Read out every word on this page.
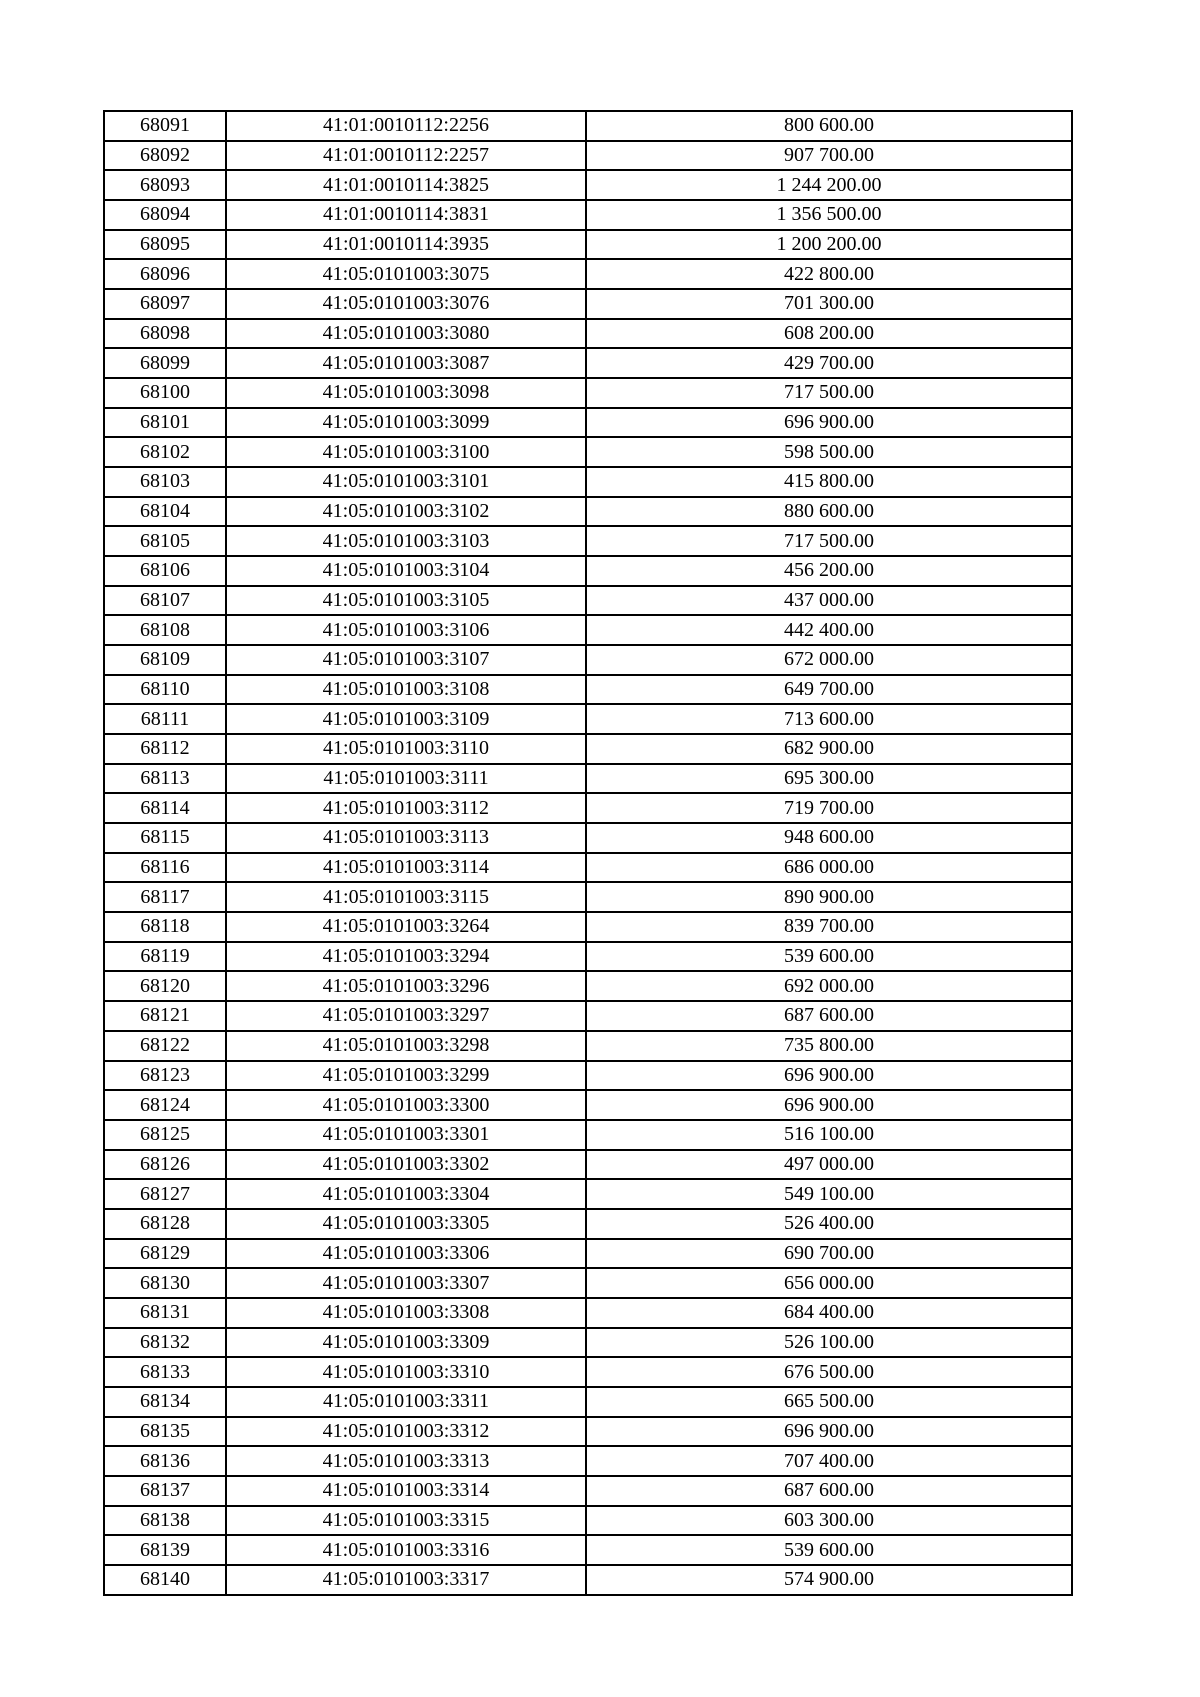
68091	41:01:0010112:2256	800 600.00
68092	41:01:0010112:2257	907 700.00
68093	41:01:0010114:3825	1 244 200.00
68094	41:01:0010114:3831	1 356 500.00
68095	41:01:0010114:3935	1 200 200.00
68096	41:05:0101003:3075	422 800.00
68097	41:05:0101003:3076	701 300.00
68098	41:05:0101003:3080	608 200.00
68099	41:05:0101003:3087	429 700.00
68100	41:05:0101003:3098	717 500.00
68101	41:05:0101003:3099	696 900.00
68102	41:05:0101003:3100	598 500.00
68103	41:05:0101003:3101	415 800.00
68104	41:05:0101003:3102	880 600.00
68105	41:05:0101003:3103	717 500.00
68106	41:05:0101003:3104	456 200.00
68107	41:05:0101003:3105	437 000.00
68108	41:05:0101003:3106	442 400.00
68109	41:05:0101003:3107	672 000.00
68110	41:05:0101003:3108	649 700.00
68111	41:05:0101003:3109	713 600.00
68112	41:05:0101003:3110	682 900.00
68113	41:05:0101003:3111	695 300.00
68114	41:05:0101003:3112	719 700.00
68115	41:05:0101003:3113	948 600.00
68116	41:05:0101003:3114	686 000.00
68117	41:05:0101003:3115	890 900.00
68118	41:05:0101003:3264	839 700.00
68119	41:05:0101003:3294	539 600.00
68120	41:05:0101003:3296	692 000.00
68121	41:05:0101003:3297	687 600.00
68122	41:05:0101003:3298	735 800.00
68123	41:05:0101003:3299	696 900.00
68124	41:05:0101003:3300	696 900.00
68125	41:05:0101003:3301	516 100.00
68126	41:05:0101003:3302	497 000.00
68127	41:05:0101003:3304	549 100.00
68128	41:05:0101003:3305	526 400.00
68129	41:05:0101003:3306	690 700.00
68130	41:05:0101003:3307	656 000.00
68131	41:05:0101003:3308	684 400.00
68132	41:05:0101003:3309	526 100.00
68133	41:05:0101003:3310	676 500.00
68134	41:05:0101003:3311	665 500.00
68135	41:05:0101003:3312	696 900.00
68136	41:05:0101003:3313	707 400.00
68137	41:05:0101003:3314	687 600.00
68138	41:05:0101003:3315	603 300.00
68139	41:05:0101003:3316	539 600.00
68140	41:05:0101003:3317	574 900.00
